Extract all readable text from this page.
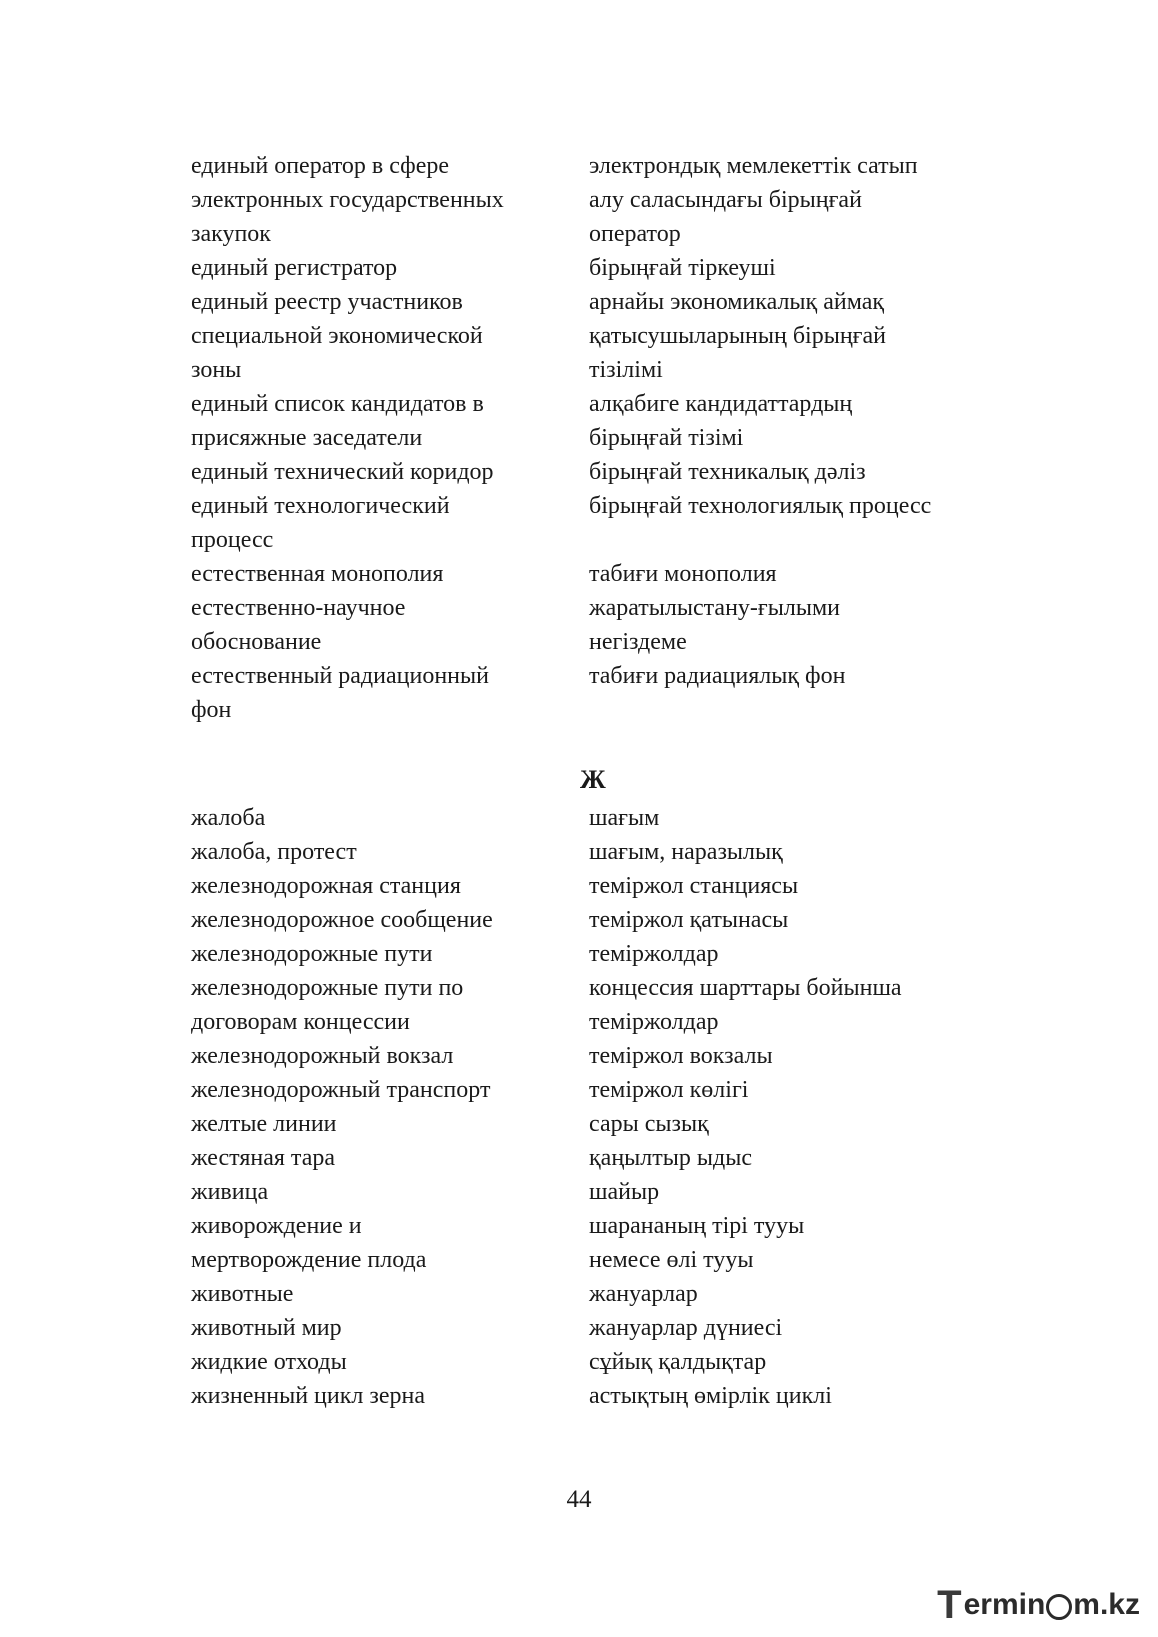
единый оператор в сфере
электронных государственных
закупок
единый регистратор
единый реестр участников
специальной экономической
зоны
единый список кандидатов в
присяжные заседатели
единый технический коридор
единый технологический
процесс
естественная монополия
естественно-научное
обоснование
естественный радиационный
фон
электрондық мемлекеттік сатып
алу саласындағы бірыңғай
оператор
бірыңғай тіркеуші
арнайы экономикалық аймақ
қатысушыларының бірыңғай
тізілімі
алқабиге кандидаттардың
бірыңғай тізімі
бірыңғай техникалық дәліз
бірыңғай технологиялық процесс
табиғи монополия
жаратылыстану-ғылыми
негіздеме
табиғи радиациялық фон
Ж
жалоба
жалоба, протест
железнодорожная станция
железнодорожное сообщение
железнодорожные пути
железнодорожные пути по
договорам концессии
железнодорожный вокзал
железнодорожный транспорт
желтые линии
жестяная тара
живица
живорождение и
мертворождение плода
животные
животный мир
жидкие отходы
жизненный цикл зерна
шағым
шағым, наразылық
теміржол станциясы
теміржол қатынасы
теміржолдар
концессия шарттары бойынша
теміржолдар
теміржол вокзалы
теміржол көлігі
сары сызық
қаңылтыр ыдыс
шайыр
шарананың тірі тууы
немесе өлі тууы
жануарлар
жануарлар дүниесі
сұйық қалдықтар
астықтың өмірлік циклі
44
T ermin m.kz
